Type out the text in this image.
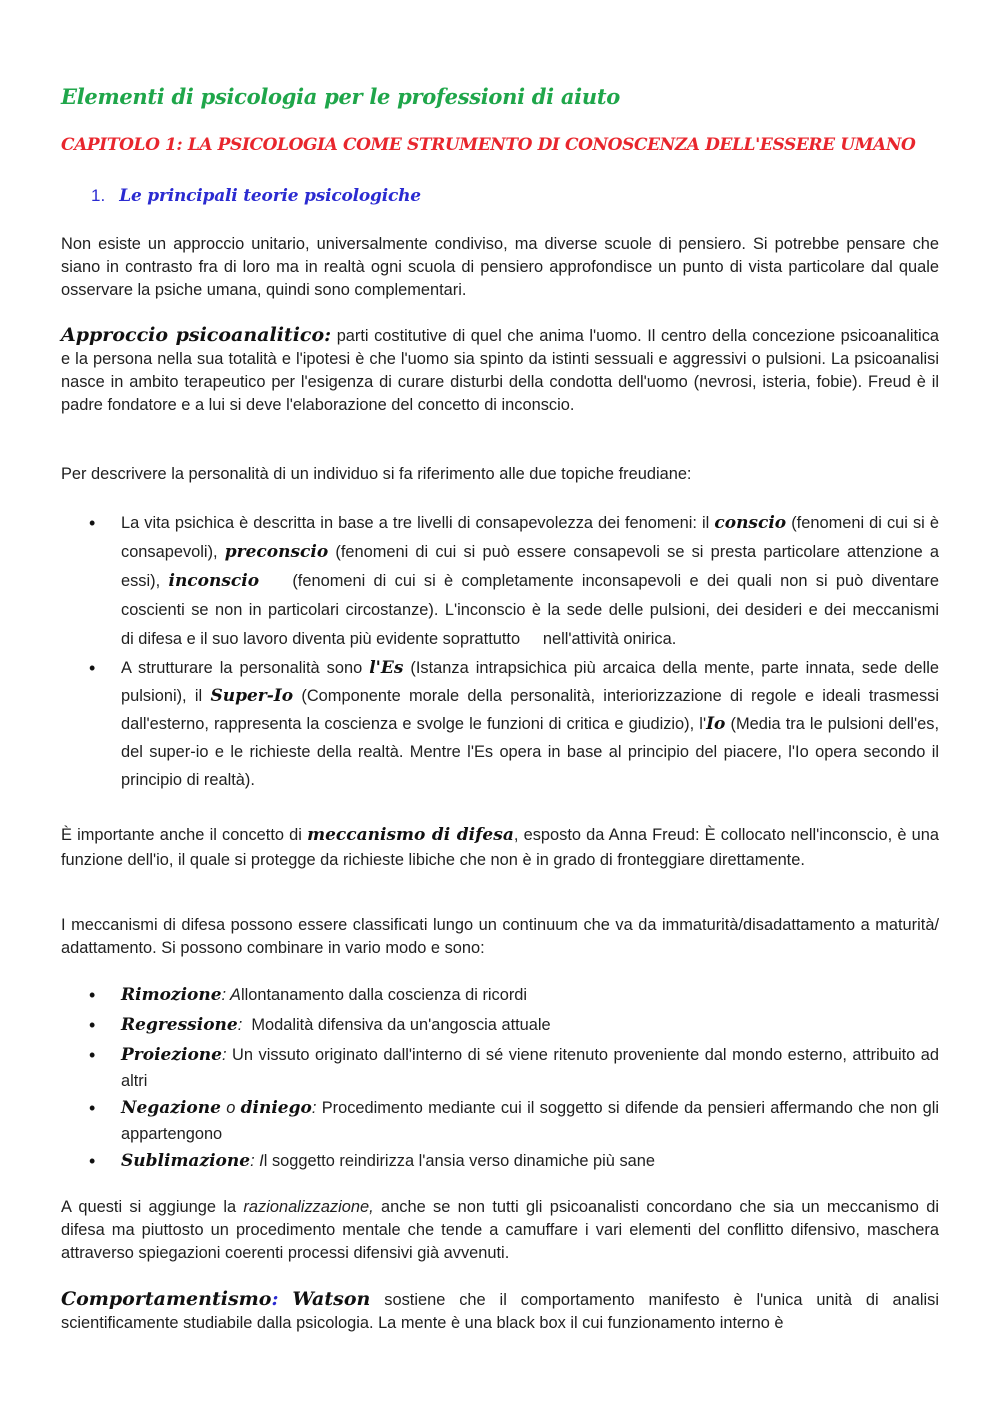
Elementi di psicologia per le professioni di aiuto
CAPITOLO 1: LA PSICOLOGIA COME STRUMENTO DI CONOSCENZA DELL'ESSERE UMANO
1. Le principali teorie psicologiche

Non esiste un approccio unitario, universalmente condiviso, ma diverse scuole di pensiero. Si potrebbe pensare che siano in contrasto fra di loro ma in realtà ogni scuola di pensiero approfondisce un punto di vista particolare dal quale osservare la psiche umana, quindi sono complementari.

Approccio psicoanalitico: parti costitutive di quel che anima l'uomo. Il centro della concezione psicoanalitica e la persona nella sua totalità e l'ipotesi è che l'uomo sia spinto da istinti sessuali e aggressivi o pulsioni. La psicoanalisi nasce in ambito terapeutico per l'esigenza di curare disturbi della condotta dell'uomo (nevrosi, isteria, fobie). Freud è il padre fondatore e a lui si deve l'elaborazione del concetto di inconscio.

Per descrivere la personalità di un individuo si fa riferimento alle due topiche freudiane:

• La vita psichica è descritta in base a tre livelli di consapevolezza dei fenomeni: il conscio (fenomeni di cui si è consapevoli), preconscio (fenomeni di cui si può essere consapevoli se si presta particolare attenzione a essi), inconscio    (fenomeni di cui si è completamente inconsapevoli e dei quali non si può diventare coscienti se non in particolari circostanze). L'inconscio è la sede delle pulsioni, dei desideri e dei meccanismi       di difesa e il suo lavoro diventa più evidente soprattutto     nell'attività onirica.
• A strutturare la personalità sono l'Es (Istanza intrapsichica più arcaica della mente, parte innata, sede delle pulsioni), il Super-Io (Componente morale della personalità, interiorizzazione di regole e ideali trasmessi dall'esterno, rappresenta la coscienza e svolge le funzioni di critica e giudizio), l'Io (Media tra le pulsioni dell'es, del super-io e le richieste della realtà. Mentre l'Es opera in base al principio del piacere, l'Io opera secondo il principio di realtà).

È importante anche il concetto di meccanismo di difesa, esposto da Anna Freud: È collocato nell'inconscio, è una funzione dell'io, il quale si protegge da richieste libiche che non è in grado di fronteggiare direttamente.

I meccanismi di difesa possono essere classificati lungo un continuum che va da immaturità/disadattamento a maturità/ adattamento. Si possono combinare in vario modo e sono:

• Rimozione: Allontanamento dalla coscienza di ricordi
• Regressione:  Modalità difensiva da un'angoscia attuale
• Proiezione: Un vissuto originato dall'interno di sé viene ritenuto proveniente dal mondo esterno, attribuito ad altri
• Negazione o diniego: Procedimento mediante cui il soggetto si difende da pensieri affermando che non gli appartengono
• Sublimazione: Il soggetto reindirizza l'ansia verso dinamiche più sane

A questi si aggiunge la razionalizzazione, anche se non tutti gli psicoanalisti concordano che sia un meccanismo di difesa ma piuttosto un procedimento mentale che tende a camuffare i vari elementi del conflitto difensivo, maschera attraverso spiegazioni coerenti processi difensivi già avvenuti.

Comportamentismo: Watson sostiene che il comportamento manifesto è l'unica unità di analisi scientificamente studiabile dalla psicologia. La mente è una black box il cui funzionamento interno è
